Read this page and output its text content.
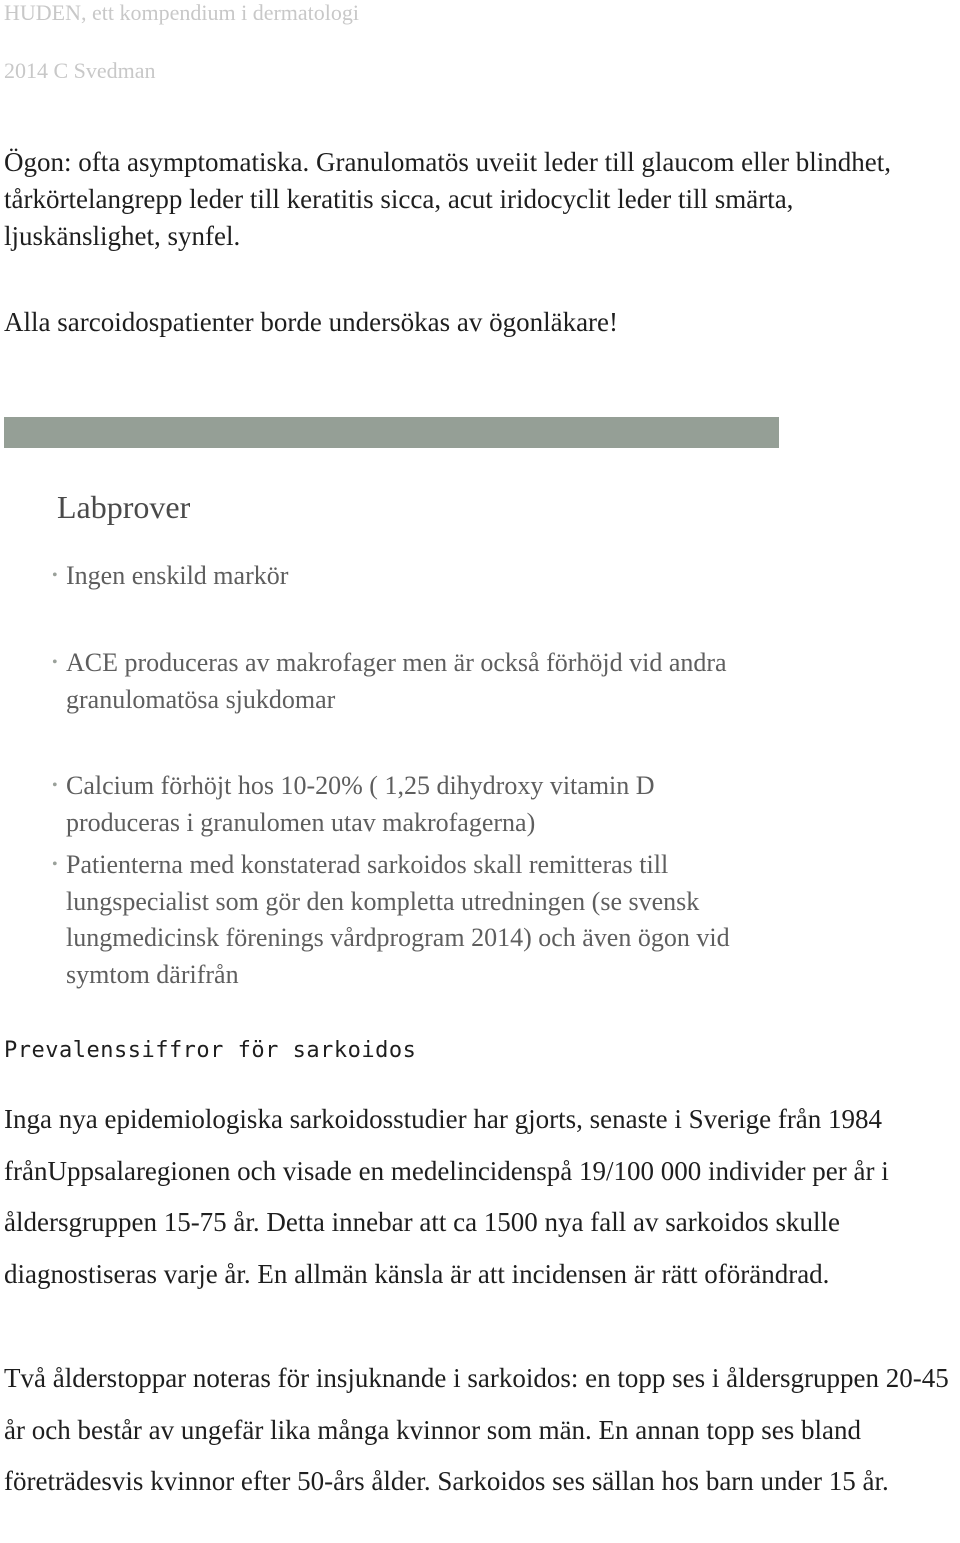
HUDEN, ett kompendium i dermatologi

2014 C Svedman

Ögon: ofta asymptomatiska. Granulomatös uveiit leder till glaucom eller blindhet, tårkörtelangrepp leder till keratitis sicca, acut iridocyclit leder till smärta, ljuskänslighet, synfel.

Alla sarcoidospatienter borde undersökas av ögonläkare!

Labprover

• Ingen enskild markör

• ACE produceras av makrofager men är också förhöjd vid andra granulomatösa sjukdomar

• Calcium förhöjt hos 10-20% ( 1,25 dihydroxy vitamin D produceras i granulomen utav makrofagerna)

• Patienterna med konstaterad sarkoidos skall remitteras till lungspecialist som gör den kompletta utredningen (se svensk lungmedicinsk förenings vårdprogram 2014) och även ögon vid symtom därifrån

Prevalenssiffror för sarkoidos

Inga nya epidemiologiska sarkoidosstudier har gjorts, senaste i Sverige från 1984 frånUppsalaregionen och visade en medelincidenspå 19/100 000 individer per år i åldersgruppen 15-75 år. Detta innebar att ca 1500 nya fall av sarkoidos skulle diagnostiseras varje år. En allmän känsla är att incidensen är rätt oförändrad.

Två ålderstoppar noteras för insjuknande i sarkoidos: en topp ses i åldersgruppen 20-45 år och består av ungefär lika många kvinnor som män. En annan topp ses bland företrädesvis kvinnor efter 50-års ålder. Sarkoidos ses sällan hos barn under 15 år.
